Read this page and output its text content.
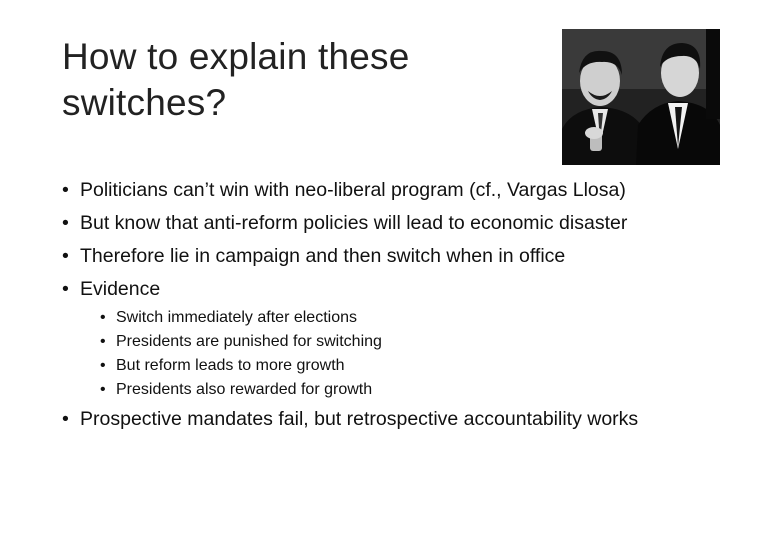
How to explain these
switches?
• Politicians can’t win with neo-liberal program (cf., Vargas Llosa)
• But know that anti-reform policies will lead to economic disaster
• Therefore lie in campaign and then switch when in office
• Evidence
• Switch immediately after elections
• Presidents are punished for switching
• But reform leads to more growth
• Presidents also rewarded for growth
• Prospective mandates fail, but retrospective accountability works
